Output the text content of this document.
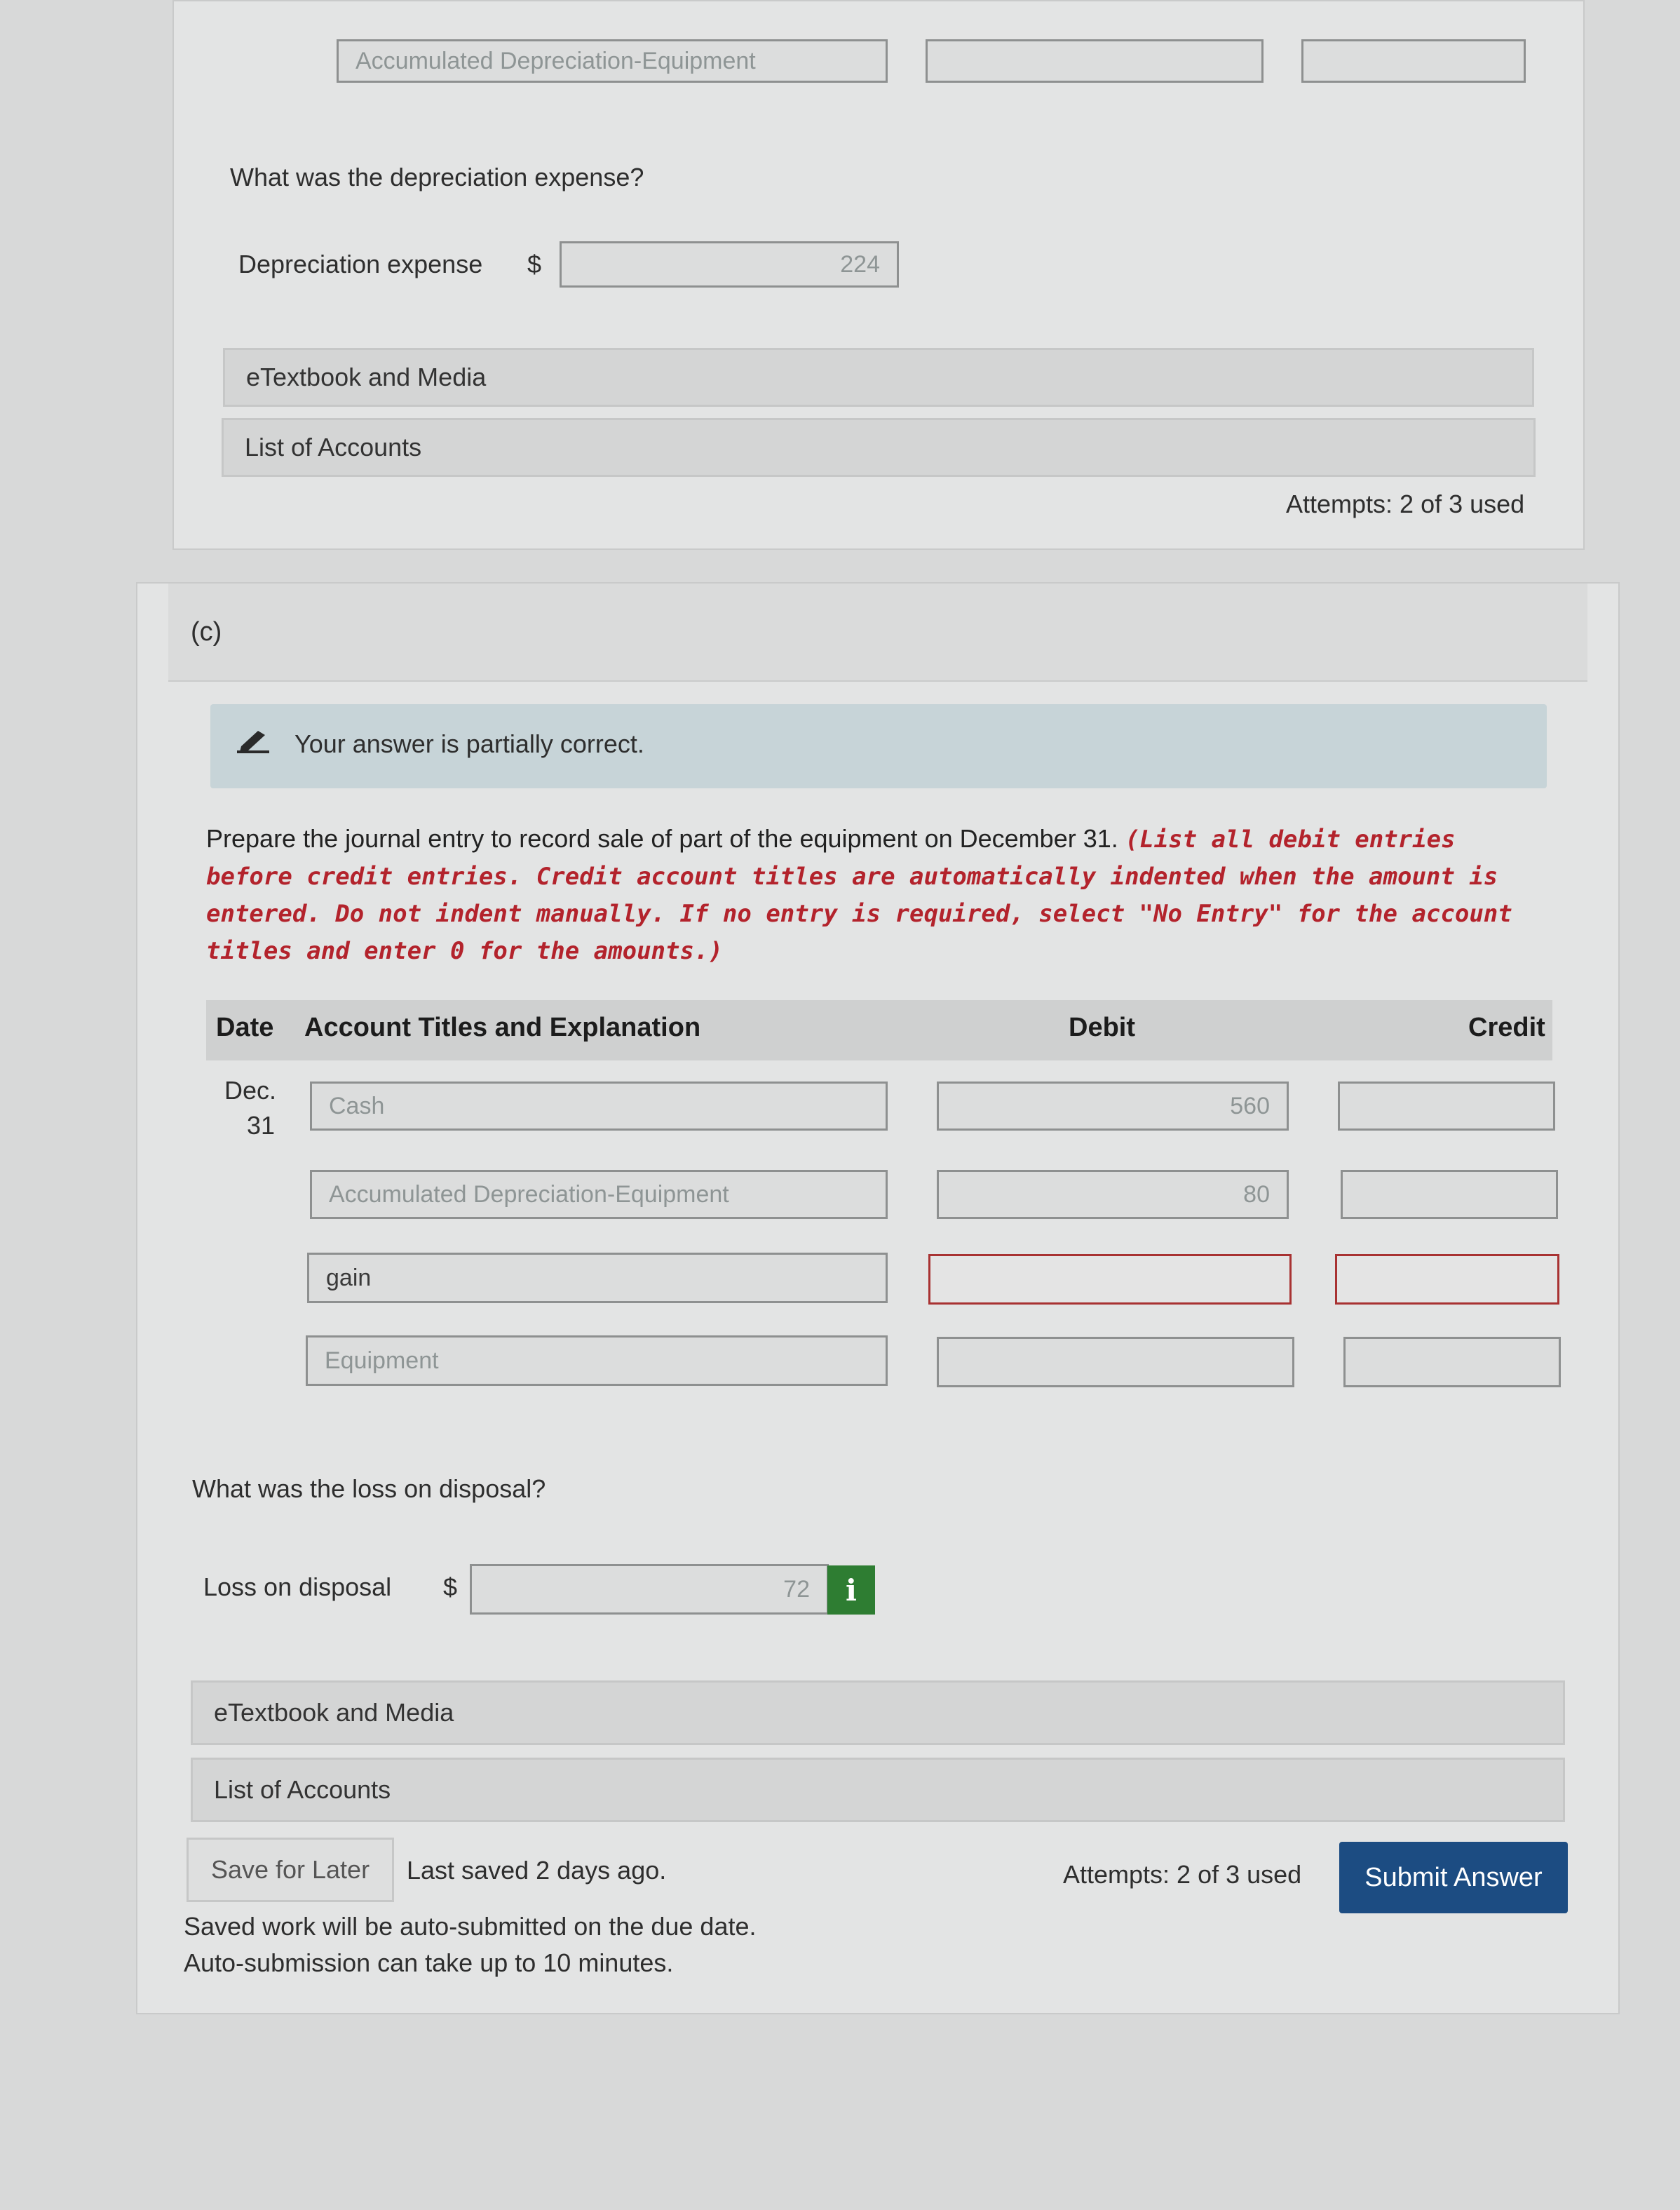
Accumulated Depreciation-Equipment
What was the depreciation expense?
Depreciation expense $	224
eTextbook and Media
List of Accounts
Attempts: 2 of 3 used
(c)
Your answer is partially correct.
Prepare the journal entry to record sale of part of the equipment on December 31. (List all debit entries before credit entries. Credit account titles are automatically indented when the amount is entered. Do not indent manually. If no entry is required, select "No Entry" for the account titles and enter 0 for the amounts.)
Date Account Titles and Explanation	Debit	Credit
Dec.
31
Cash	560
Accumulated Depreciation-Equipment	80
gain
Equipment
What was the loss on disposal?
Loss on disposal $	72	i
eTextbook and Media
List of Accounts
Save for Later	Last saved 2 days ago.	Attempts: 2 of 3 used	Submit Answer
Saved work will be auto-submitted on the due date.
Auto-submission can take up to 10 minutes.
